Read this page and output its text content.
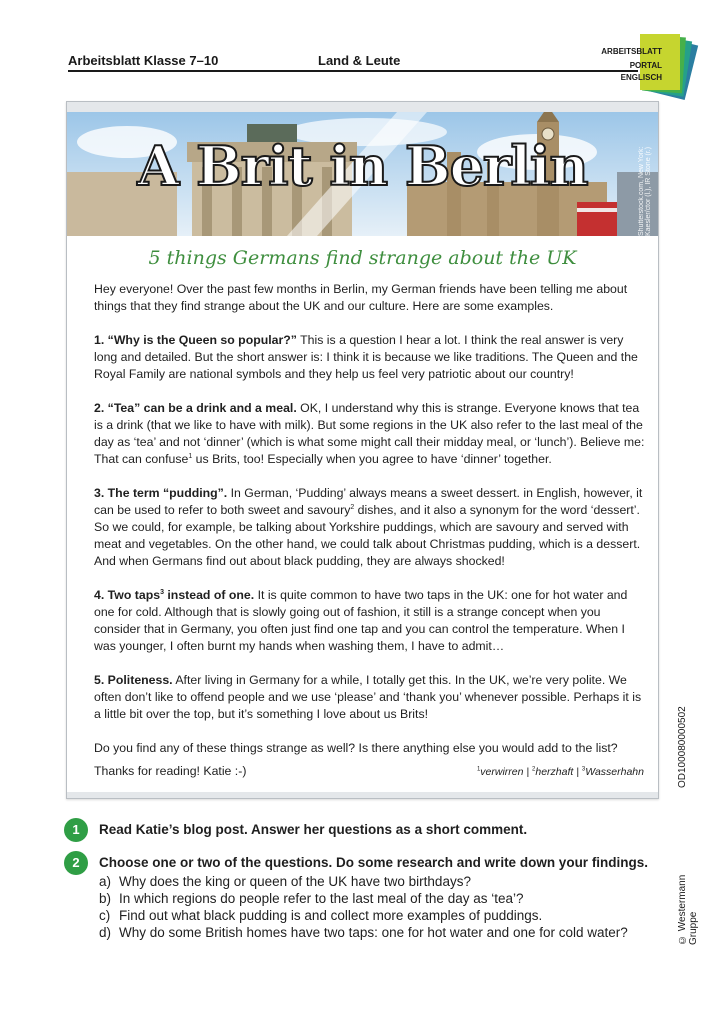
Arbeitsblatt Klasse 7–10	Land & Leute
ARBEITSBLATT
PORTAL
ENGLISCH
A Brit in Berlin	Shutterstock.com, New York: Kaesler/ctor (l.), IR Stone (r.)
5 things Germans find strange about the UK

Hey everyone! Over the past few months in Berlin, my German friends have been telling me about things that they find strange about the UK and our culture. Here are some examples.

1. “Why is the Queen so popular?” This is a question I hear a lot. I think the real answer is very long and detailed. But the short answer is: I think it is because we like traditions. The Queen and the Royal Family are national symbols and they help us feel very patriotic about our country!

2. “Tea” can be a drink and a meal. OK, I understand why this is strange. Everyone knows that tea is a drink (that we like to have with milk). But some regions in the UK also refer to the last meal of the day as ‘tea’ and not ‘dinner’ (which is what some might call their midday meal, or ‘lunch’). Believe me: That can confuse$^1$ us Brits, too! Especially when you agree to have ‘dinner’ together.

3. The term “pudding”. In German, ‘Pudding’ always means a sweet dessert. in English, however, it can be used to refer to both sweet and savoury$^2$ dishes, and it also a synonym for the word ‘dessert’. So we could, for example, be talking about Yorkshire puddings, which are savoury and served with meat and vegetables. On the other hand, we could talk about Christmas pudding, which is a dessert. And when Germans find out about black pudding, they are always shocked!

4. Two taps$^3$ instead of one. It is quite common to have two taps in the UK: one for hot water and one for cold. Although that is slowly going out of fashion, it still is a strange concept when you consider that in Germany, you often just find one tap and you can control the temperature. When I was younger, I often burnt my hands when washing them, I have to admit…

5. Politeness. After living in Germany for a while, I totally get this. In the UK, we’re very polite. We often don’t like to offend people and we use ‘please’ and ‘thank you’ whenever possible. Perhaps it is a little bit over the top, but it’s something I love about us Brits!

Do you find any of these things strange as well? Is there anything else you would add to the list?

Thanks for reading! Katie :-)	$^1$verwirren | $^2$herzhaft | $^3$Wasserhahn
1	Read Katie’s blog post. Answer her questions as a short comment.
2	Choose one or two of the questions. Do some research and write down your findings.
a) Why does the king or queen of the UK have two birthdays?
b) In which regions do people refer to the last meal of the day as ‘tea’?
c) Find out what black pudding is and collect more examples of puddings.
d) Why do some British homes have two taps: one for hot water and one for cold water?
OD100080000502
© Westermann Gruppe
